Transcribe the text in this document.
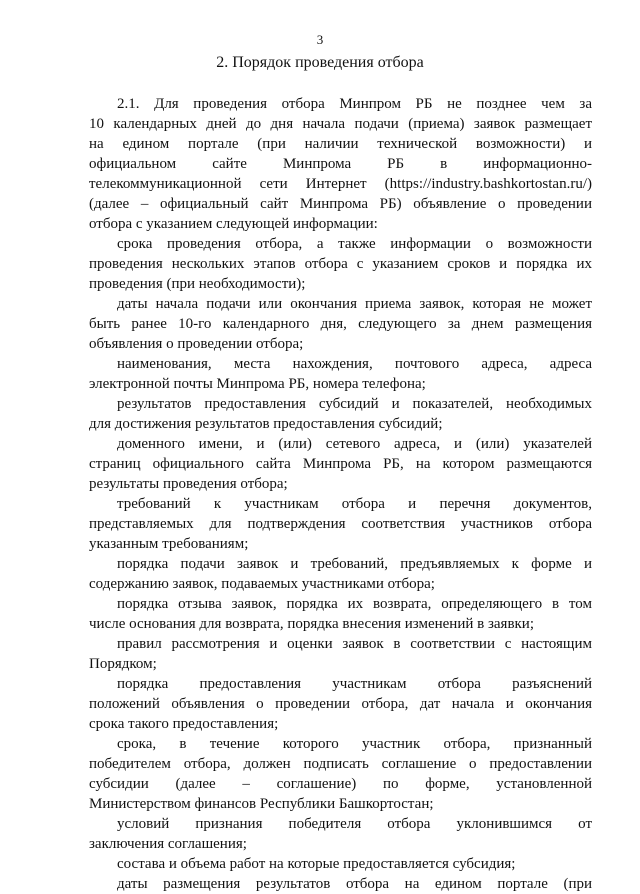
3
2. Порядок проведения отбора

2.1. Для проведения отбора Минпром РБ не позднее чем за
10 календарных дней до дня начала подачи (приема) заявок размещает
на едином портале (при наличии технической возможности) и
официальном сайте Минпрома РБ в информационно-
телекоммуникационной сети Интернет (https://industry.bashkortostan.ru/)
(далее – официальный сайт Минпрома РБ) объявление о проведении
отбора с указанием следующей информации:

срока проведения отбора, а также информации о возможности
проведения нескольких этапов отбора с указанием сроков и порядка их
проведения (при необходимости);

даты начала подачи или окончания приема заявок, которая не может
быть ранее 10-го календарного дня, следующего за днем размещения
объявления о проведении отбора;

наименования, места нахождения, почтового адреса, адреса
электронной почты Минпрома РБ, номера телефона;

результатов предоставления субсидий и показателей, необходимых
для достижения результатов предоставления субсидий;

доменного имени, и (или) сетевого адреса, и (или) указателей
страниц официального сайта Минпрома РБ, на котором размещаются
результаты проведения отбора;

требований к участникам отбора и перечня документов,
представляемых для подтверждения соответствия участников отбора
указанным требованиям;

порядка подачи заявок и требований, предъявляемых к форме и
содержанию заявок, подаваемых участниками отбора;

порядка отзыва заявок, порядка их возврата, определяющего в том
числе основания для возврата, порядка внесения изменений в заявки;

правил рассмотрения и оценки заявок в соответствии с настоящим
Порядком;

порядка предоставления участникам отбора разъяснений
положений объявления о проведении отбора, дат начала и окончания
срока такого предоставления;

срока, в течение которого участник отбора, признанный
победителем отбора, должен подписать соглашение о предоставлении
субсидии (далее – соглашение) по форме, установленной
Министерством финансов Республики Башкортостан;

условий признания победителя отбора уклонившимся от
заключения соглашения;

состава и объема работ на которые предоставляется субсидия;

даты размещения результатов отбора на едином портале (при
